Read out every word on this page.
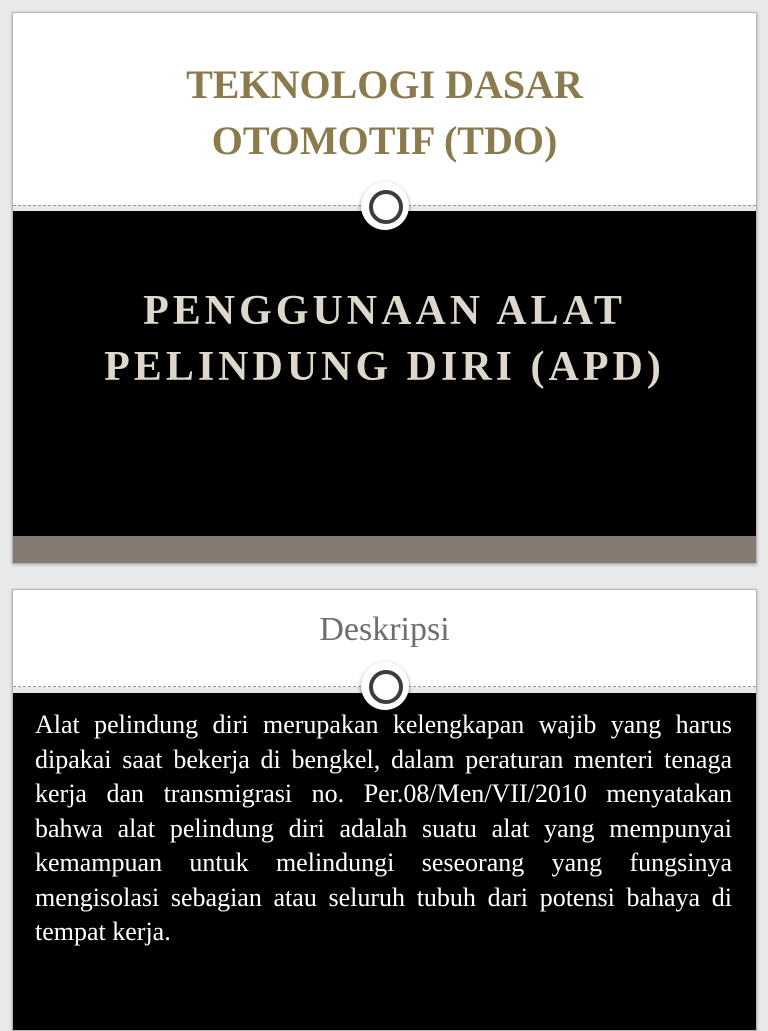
TEKNOLOGI DASAR
OTOMOTIF (TDO)
PENGGUNAAN ALAT
PELINDUNG DIRI (APD)
Deskripsi
Alat pelindung diri merupakan kelengkapan wajib yang harus dipakai saat bekerja di bengkel, dalam peraturan menteri tenaga kerja dan transmigrasi no. Per.08/Men/VII/2010 menyatakan bahwa alat pelindung diri adalah suatu alat yang mempunyai kemampuan untuk melindungi seseorang yang fungsinya mengisolasi sebagian atau seluruh tubuh dari potensi bahaya di tempat kerja.
